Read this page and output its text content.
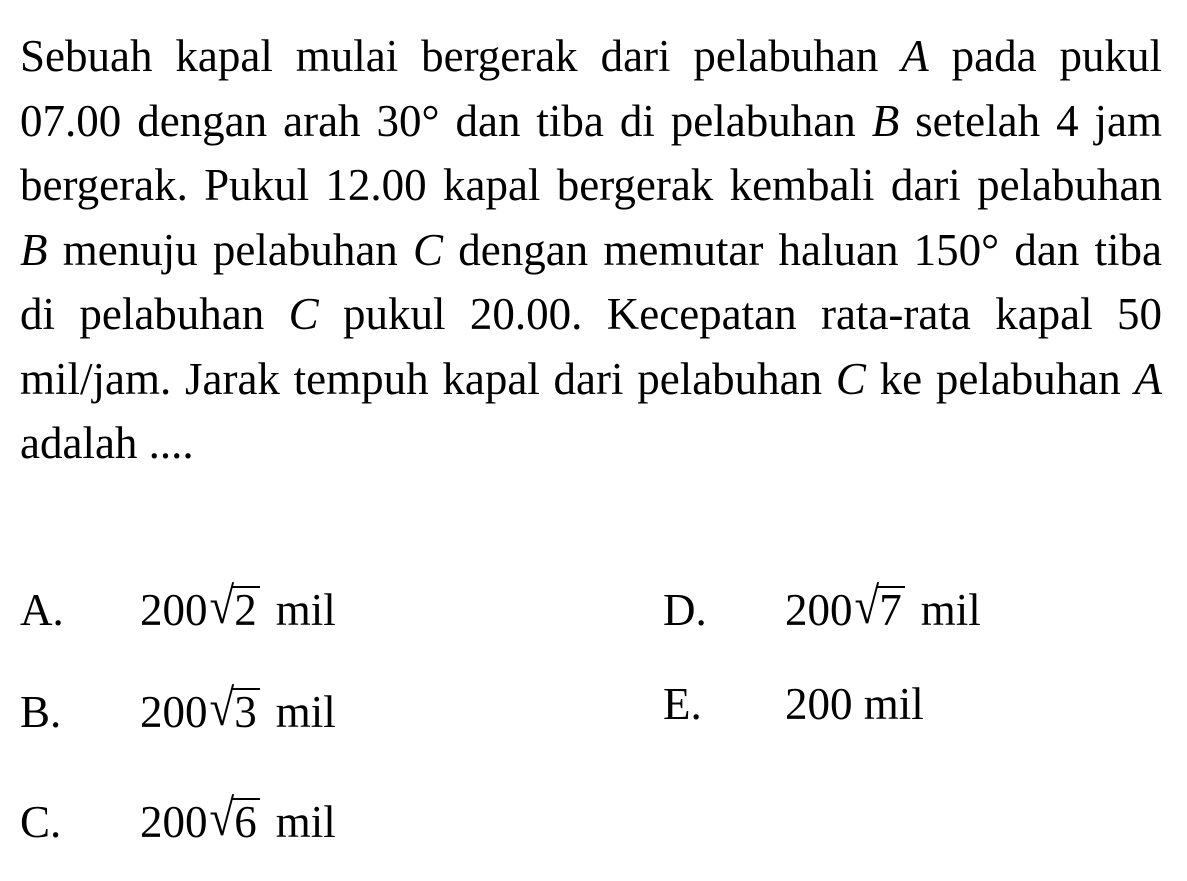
Sebuah kapal mulai bergerak dari pelabuhan A pada pukul 07.00 dengan arah 30° dan tiba di pelabuhan B setelah 4 jam bergerak. Pukul 12.00 kapal bergerak kembali dari pelabuhan B menuju pelabuhan C dengan memutar haluan 150° dan tiba di pelabuhan C pukul 20.00. Kecepatan rata-rata kapal 50 mil/jam. Jarak tempuh kapal dari pelabuhan C ke pelabuhan A adalah ....
A. 200√2 mil
B. 200√3 mil
C. 200√6 mil
D. 200√7 mil
E. 200 mil
